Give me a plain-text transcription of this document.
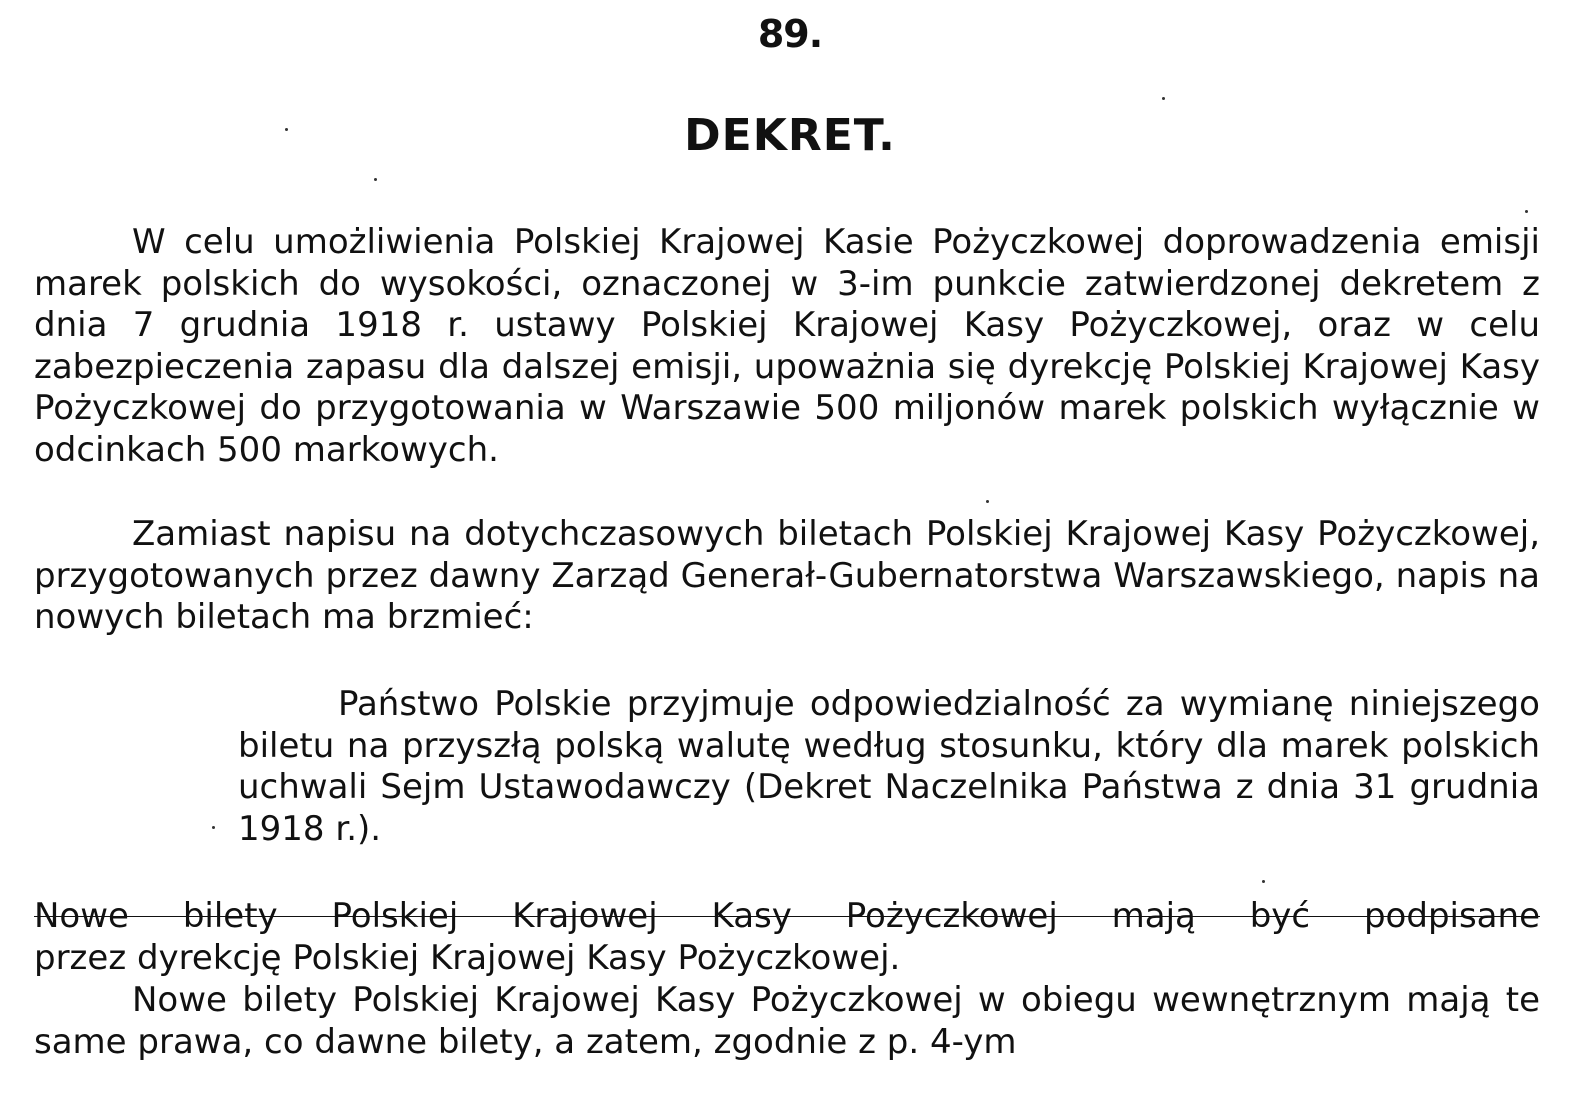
89.
DEKRET.

W celu umożliwienia Polskiej Krajowej Kasie Pożyczkowej doprowadzenia emisji marek polskich do wysokości, oznaczonej w 3-im punkcie zatwierdzonej dekretem z dnia 7 grudnia 1918 r. ustawy Polskiej Krajowej Kasy Pożyczkowej, oraz w celu zabezpieczenia zapasu dla dalszej emisji, upoważnia się dyrekcję Polskiej Krajowej Kasy Pożyczkowej do przygotowania w Warszawie 500 miljonów marek polskich wyłącznie w odcinkach 500 markowych.

Zamiast napisu na dotychczasowych biletach Polskiej Krajowej Kasy Pożyczkowej, przygotowanych przez dawny Zarząd Generał-Gubernatorstwa Warszawskiego, napis na nowych biletach ma brzmieć:

Państwo Polskie przyjmuje odpowiedzialność za wymianę niniejszego biletu na przyszłą polską walutę według stosunku, który dla marek polskich uchwali Sejm Ustawodawczy (Dekret Naczelnika Państwa z dnia 31 grudnia 1918 r.).

Nowe bilety Polskiej Krajowej Kasy Pożyczkowej mają być podpisane
przez dyrekcję Polskiej Krajowej Kasy Pożyczkowej.

Nowe bilety Polskiej Krajowej Kasy Pożyczkowej w obiegu wewnętrznym mają te same prawa, co dawne bilety, a zatem, zgodnie z p. 4-ym
